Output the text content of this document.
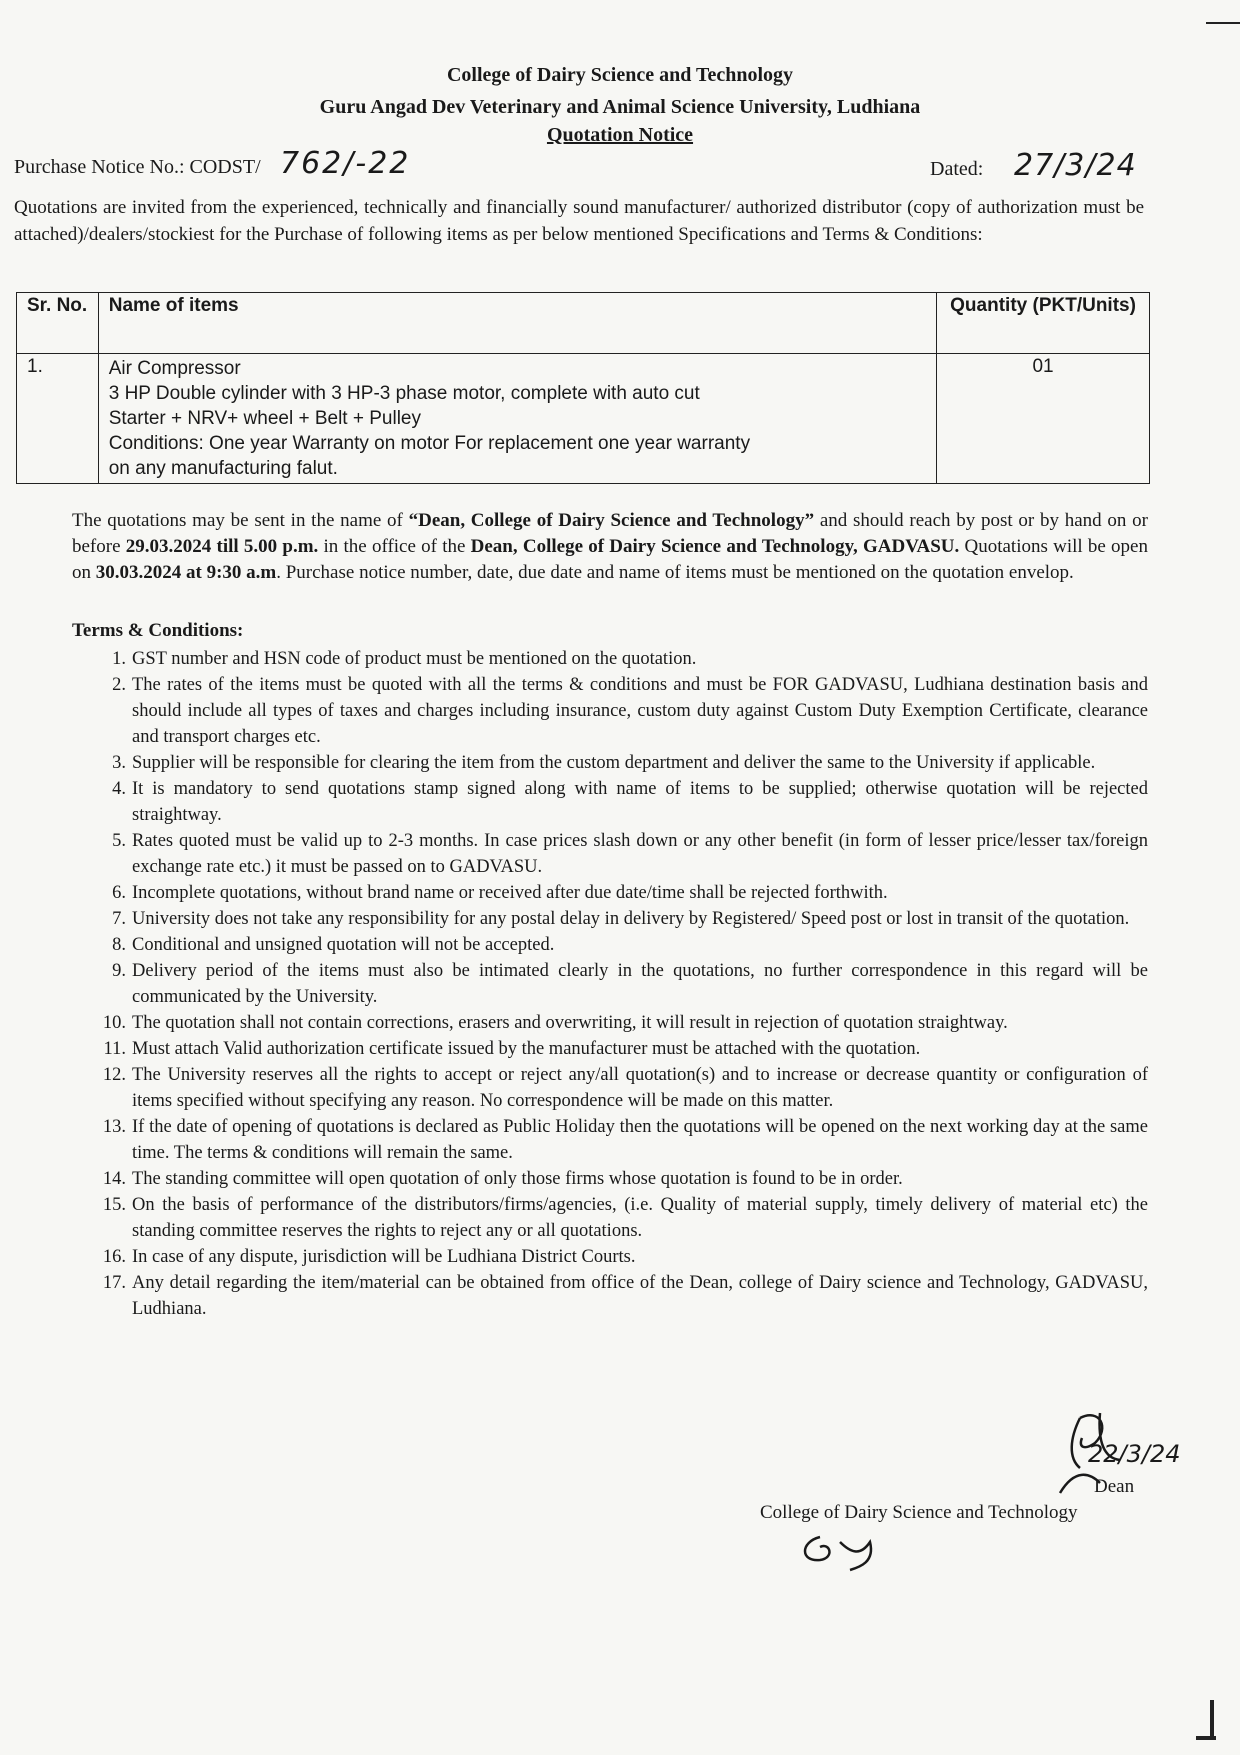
College of Dairy Science and Technology
Guru Angad Dev Veterinary and Animal Science University, Ludhiana
Quotation Notice
Purchase Notice No.: CODST/ 762/-22	Dated: 27/3/24
Quotations are invited from the experienced, technically and financially sound manufacturer/ authorized distributor (copy of authorization must be attached)/dealers/stockiest for the Purchase of following items as per below mentioned Specifications and Terms & Conditions:
Sr. No.	Name of items	Quantity (PKT/Units)
1.	Air Compressor
3 HP Double cylinder with 3 HP-3 phase motor, complete with auto cut
Starter + NRV+ wheel + Belt + Pulley
Conditions: One year Warranty on motor For replacement one year warranty
on any manufacturing falut.	01
The quotations may be sent in the name of “Dean, College of Dairy Science and Technology” and should reach by post or by hand on or before 29.03.2024 till 5.00 p.m. in the office of the Dean, College of Dairy Science and Technology, GADVASU. Quotations will be open on 30.03.2024 at 9:30 a.m. Purchase notice number, date, due date and name of items must be mentioned on the quotation envelop.
Terms & Conditions:
1. GST number and HSN code of product must be mentioned on the quotation.
2. The rates of the items must be quoted with all the terms & conditions and must be FOR GADVASU, Ludhiana destination basis and should include all types of taxes and charges including insurance, custom duty against Custom Duty Exemption Certificate, clearance and transport charges etc.
3. Supplier will be responsible for clearing the item from the custom department and deliver the same to the University if applicable.
4. It is mandatory to send quotations stamp signed along with name of items to be supplied; otherwise quotation will be rejected straightway.
5. Rates quoted must be valid up to 2-3 months. In case prices slash down or any other benefit (in form of lesser price/lesser tax/foreign exchange rate etc.) it must be passed on to GADVASU.
6. Incomplete quotations, without brand name or received after due date/time shall be rejected forthwith.
7. University does not take any responsibility for any postal delay in delivery by Registered/ Speed post or lost in transit of the quotation.
8. Conditional and unsigned quotation will not be accepted.
9. Delivery period of the items must also be intimated clearly in the quotations, no further correspondence in this regard will be communicated by the University.
10. The quotation shall not contain corrections, erasers and overwriting, it will result in rejection of quotation straightway.
11. Must attach Valid authorization certificate issued by the manufacturer must be attached with the quotation.
12. The University reserves all the rights to accept or reject any/all quotation(s) and to increase or decrease quantity or configuration of items specified without specifying any reason. No correspondence will be made on this matter.
13. If the date of opening of quotations is declared as Public Holiday then the quotations will be opened on the next working day at the same time. The terms & conditions will remain the same.
14. The standing committee will open quotation of only those firms whose quotation is found to be in order.
15. On the basis of performance of the distributors/firms/agencies, (i.e. Quality of material supply, timely delivery of material etc) the standing committee reserves the rights to reject any or all quotations.
16. In case of any dispute, jurisdiction will be Ludhiana District Courts.
17. Any detail regarding the item/material can be obtained from office of the Dean, college of Dairy science and Technology, GADVASU, Ludhiana.
22/3/24
Dean
College of Dairy Science and Technology
